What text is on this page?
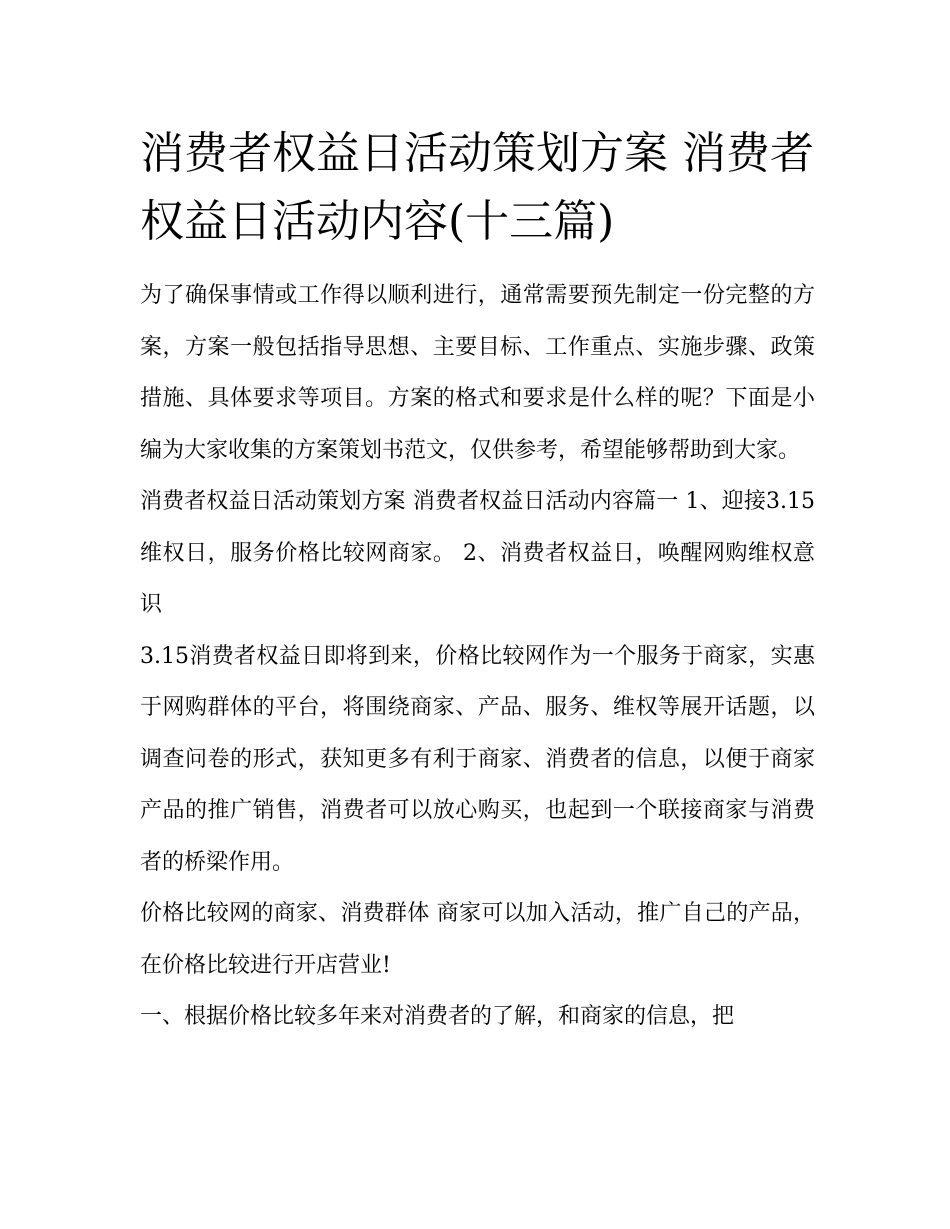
消费者权益日活动策划方案 消费者权益日活动内容(十三篇)

为了确保事情或工作得以顺利进行，通常需要预先制定一份完整的方案，方案一般包括指导思想、主要目标、工作重点、实施步骤、政策措施、具体要求等项目。方案的格式和要求是什么样的呢？下面是小编为大家收集的方案策划书范文，仅供参考，希望能够帮助到大家。

消费者权益日活动策划方案 消费者权益日活动内容篇一 1、迎接3.15维权日，服务价格比较网商家。 2、消费者权益日，唤醒网购维权意识

3.15消费者权益日即将到来，价格比较网作为一个服务于商家，实惠于网购群体的平台，将围绕商家、产品、服务、维权等展开话题，以调查问卷的形式，获知更多有利于商家、消费者的信息，以便于商家产品的推广销售，消费者可以放心购买，也起到一个联接商家与消费者的桥梁作用。

价格比较网的商家、消费群体 商家可以加入活动，推广自己的产品，在价格比较进行开店营业!

一、根据价格比较多年来对消费者的了解，和商家的信息，把
